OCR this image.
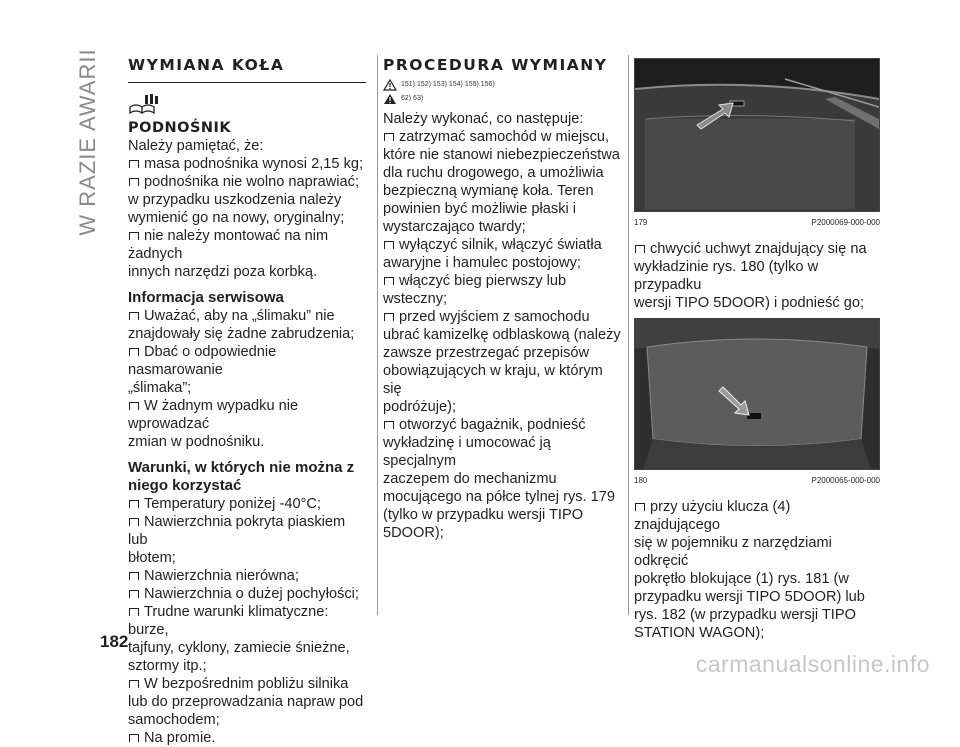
W RAZIE AWARII WYMIANA KOŁA

PODNOŚNIK

Należy pamiętać, że:

masa podnośnika wynosi 2,15 kg;

podnośnika nie wolno naprawiać;

w przypadku uszkodzenia należy

wymienić go na nowy, oryginalny;

nie należy montować na nim żadnych

innych narzędzi poza korbką.

Informacja serwisowa

Uważać, aby na „ślimaku” nie

znajdowały się żadne zabrudzenia;

Dbać o odpowiednie nasmarowanie

„ślimaka”;

W żadnym wypadku nie wprowadzać

zmian w podnośniku.

Warunki, w których nie można z

niego korzystać

Temperatury poniżej -40°C;

Nawierzchnia pokryta piaskiem lub

błotem;

Nawierzchnia nierówna;

Nawierzchnia o dużej pochyłości;

Trudne warunki klimatyczne: burze,

tajfuny, cyklony, zamiecie śnieżne,

sztormy itp.;

W bezpośrednim pobliżu silnika

lub do przeprowadzania napraw pod

samochodem;

Na promie.

PROCEDURA WYMIANY

151) 152) 153) 154) 155) 156)
62) 63)

Należy wykonać, co następuje:

zatrzymać samochód w miejscu,

które nie stanowi niebezpieczeństwa

dla ruchu drogowego, a umożliwia

bezpieczną wymianę koła. Teren

powinien być możliwie płaski i

wystarczająco twardy;

wyłączyć silnik, włączyć światła

awaryjne i hamulec postojowy;

włączyć bieg pierwszy lub wsteczny;

przed wyjściem z samochodu

ubrać kamizelkę odblaskową (należy

zawsze przestrzegać przepisów

obowiązujących w kraju, w którym się

podróżuje);

otworzyć bagażnik, podnieść

wykładzinę i umocować ją specjalnym

zaczepem do mechanizmu

mocującego na półce tylnej rys. 179

(tylko w przypadku wersji TIPO

5DOOR);

179	P2000069-000-000

chwycić uchwyt znajdujący się na

wykładzinie rys. 180 (tylko w przypadku

wersji TIPO 5DOOR) i podnieść go;

180	P2000065-000-000

przy użyciu klucza (4) znajdującego

się w pojemniku z narzędziami odkręcić

pokrętło blokujące (1) rys. 181 (w

przypadku wersji TIPO 5DOOR) lub

rys. 182 (w przypadku wersji TIPO

STATION WAGON);

182
carmanualsonline.info
